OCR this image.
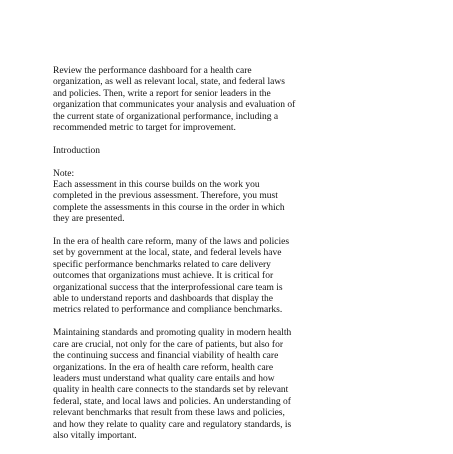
Review the performance dashboard for a health care
organization, as well as relevant local, state, and federal laws
and policies. Then, write a report for senior leaders in the
organization that communicates your analysis and evaluation of
the current state of organizational performance, including a
recommended metric to target for improvement.

Introduction

Note:
Each assessment in this course builds on the work you
completed in the previous assessment. Therefore, you must
complete the assessments in this course in the order in which
they are presented.

In the era of health care reform, many of the laws and policies
set by government at the local, state, and federal levels have
specific performance benchmarks related to care delivery
outcomes that organizations must achieve. It is critical for
organizational success that the interprofessional care team is
able to understand reports and dashboards that display the
metrics related to performance and compliance benchmarks.

Maintaining standards and promoting quality in modern health
care are crucial, not only for the care of patients, but also for
the continuing success and financial viability of health care
organizations. In the era of health care reform, health care
leaders must understand what quality care entails and how
quality in health care connects to the standards set by relevant
federal, state, and local laws and policies. An understanding of
relevant benchmarks that result from these laws and policies,
and how they relate to quality care and regulatory standards, is
also vitally important.
